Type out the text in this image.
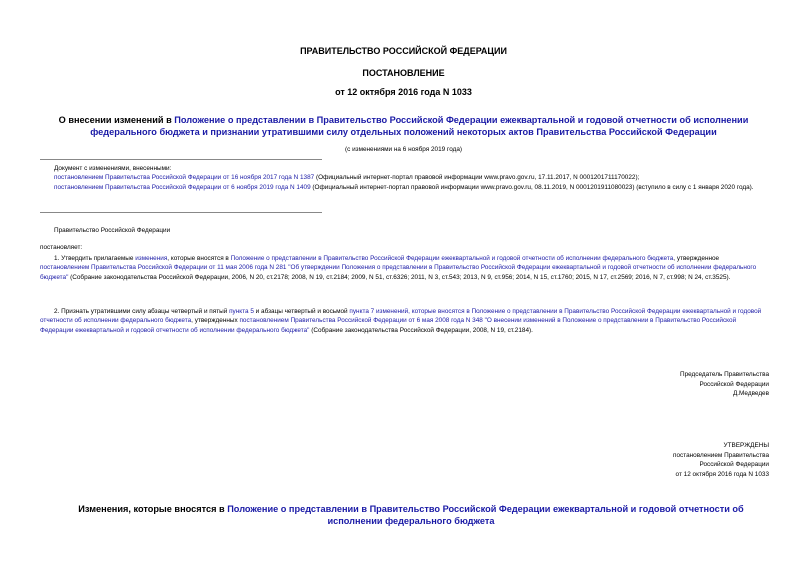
ПРАВИТЕЛЬСТВО РОССИЙСКОЙ ФЕДЕРАЦИИ
ПОСТАНОВЛЕНИЕ
от 12 октября 2016 года N 1033
О внесении изменений в Положение о представлении в Правительство Российской Федерации ежеквартальной и годовой отчетности об исполнении федерального бюджета и признании утратившими силу отдельных положений некоторых актов Правительства Российской Федерации
(с изменениями на 6 ноября 2019 года)
Документ с изменениями, внесенными:
постановлением Правительства Российской Федерации от 16 ноября 2017 года N 1387 (Официальный интернет-портал правовой информации www.pravo.gov.ru, 17.11.2017, N 0001201711170022);
постановлением Правительства Российской Федерации от 6 ноября 2019 года N 1409 (Официальный интернет-портал правовой информации www.pravo.gov.ru, 08.11.2019, N 0001201911080023) (вступило в силу с 1 января 2020 года).
Правительство Российской Федерации
постановляет:
1. Утвердить прилагаемые изменения, которые вносятся в Положение о представлении в Правительство Российской Федерации ежеквартальной и годовой отчетности об исполнении федерального бюджета, утвержденное постановлением Правительства Российской Федерации от 11 мая 2006 года N 281 "Об утверждении Положения о представлении в Правительство Российской Федерации ежеквартальной и годовой отчетности об исполнении федерального бюджета" (Собрание законодательства Российской Федерации, 2006, N 20, ст.2178; 2008, N 19, ст.2184; 2009, N 51, ст.6326; 2011, N 3, ст.543; 2013, N 9, ст.956; 2014, N 15, ст.1760; 2015, N 17, ст.2569; 2016, N 7, ст.998; N 24, ст.3525).
2. Признать утратившими силу абзацы четвертый и пятый пункта 5 и абзацы четвертый и восьмой пункта 7 изменений, которые вносятся в Положение о представлении в Правительство Российской Федерации ежеквартальной и годовой отчетности об исполнении федерального бюджета, утвержденных постановлением Правительства Российской Федерации от 6 мая 2008 года N 348 "О внесении изменений в Положение о представлении в Правительство Российской Федерации ежеквартальной и годовой отчетности об исполнении федерального бюджета" (Собрание законодательства Российской Федерации, 2008, N 19, ст.2184).
Председатель Правительства
Российской Федерации
Д.Медведев
УТВЕРЖДЕНЫ
постановлением Правительства
Российской Федерации
от 12 октября 2016 года N 1033
Изменения, которые вносятся в Положение о представлении в Правительство Российской Федерации ежеквартальной и годовой отчетности об исполнении федерального бюджета
